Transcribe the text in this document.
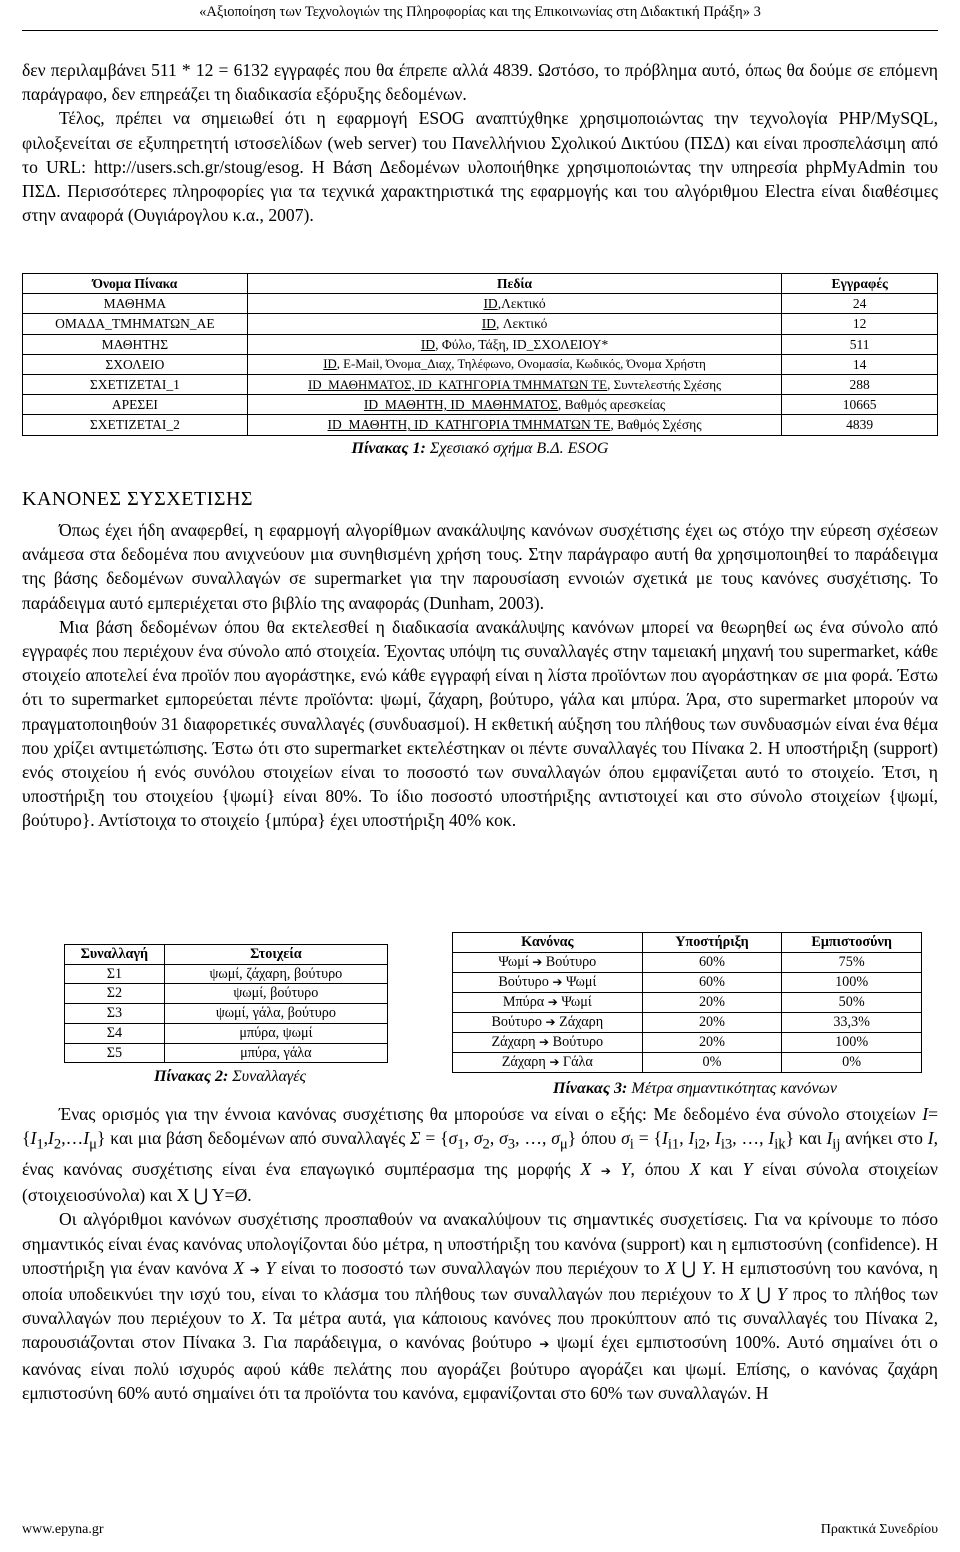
«Αξιοποίηση των Τεχνολογιών της Πληροφορίας και της Επικοινωνίας στη Διδακτική Πράξη» 3

δεν περιλαμβάνει 511 * 12 = 6132 εγγραφές που θα έπρεπε αλλά 4839. Ωστόσο, το πρόβλημα αυτό, όπως θα δούμε σε επόμενη παράγραφο, δεν επηρεάζει τη διαδικασία εξόρυξης δεδομένων.

Τέλος, πρέπει να σημειωθεί ότι η εφαρμογή ESOG αναπτύχθηκε χρησιμοποιώντας την τεχνολογία PHP/MySQL, φιλοξενείται σε εξυπηρετητή ιστοσελίδων (web server) του Πανελλήνιου Σχολικού Δικτύου (ΠΣΔ) και είναι προσπελάσιμη από το URL: http://users.sch.gr/stoug/esog. Η Βάση Δεδομένων υλοποιήθηκε χρησιμοποιώντας την υπηρεσία phpMyAdmin του ΠΣΔ. Περισσότερες πληροφορίες για τα τεχνικά χαρακτηριστικά της εφαρμογής και του αλγόριθμου Electra είναι διαθέσιμες στην αναφορά (Ουγιάρογλου κ.α., 2007).

Όνομα Πίνακα	Πεδία	Εγγραφές
ΜΑΘΗΜΑ	ID,Λεκτικό	24
ΟΜΑΔΑ_ΤΜΗΜΑΤΩΝ_ΑΕ	ID, Λεκτικό	12
ΜΑΘΗΤΗΣ	ID, Φύλο, Τάξη, ID_ΣΧΟΛΕΙΟΥ*	511
ΣΧΟΛΕΙΟ	ID, E-Mail, Όνομα_Διαχ, Τηλέφωνο, Ονομασία, Κωδικός, Όνομα Χρήστη	14
ΣΧΕΤΙΖΕΤΑΙ_1	ID_ΜΑΘΗΜΑΤΟΣ, ID_ΚΑΤΗΓΟΡΙΑ ΤΜΗΜΑΤΩΝ ΤΕ, Συντελεστής Σχέσης	288
ΑΡΕΣΕΙ	ID_ΜΑΘΗΤΗ, ID_ΜΑΘΗΜΑΤΟΣ, Βαθμός αρεσκείας	10665
ΣΧΕΤΙΖΕΤΑΙ_2	ID_ΜΑΘΗΤΗ, ID_ΚΑΤΗΓΟΡΙΑ ΤΜΗΜΑΤΩΝ ΤΕ, Βαθμός Σχέσης	4839
Πίνακας 1: Σχεσιακό σχήμα Β.Δ. ESOG
ΚΑΝΟΝΕΣ ΣΥΣΧΕΤΙΣΗΣ

Όπως έχει ήδη αναφερθεί, η εφαρμογή αλγορίθμων ανακάλυψης κανόνων συσχέτισης έχει ως στόχο την εύρεση σχέσεων ανάμεσα στα δεδομένα που ανιχνεύουν μια συνηθισμένη χρήση τους. Στην παράγραφο αυτή θα χρησιμοποιηθεί το παράδειγμα της βάσης δεδομένων συναλλαγών σε supermarket για την παρουσίαση εννοιών σχετικά με τους κανόνες συσχέτισης. Το παράδειγμα αυτό εμπεριέχεται στο βιβλίο της αναφοράς (Dunham, 2003).

Μια βάση δεδομένων όπου θα εκτελεσθεί η διαδικασία ανακάλυψης κανόνων μπορεί να θεωρηθεί ως ένα σύνολο από εγγραφές που περιέχουν ένα σύνολο από στοιχεία. Έχοντας υπόψη τις συναλλαγές στην ταμειακή μηχανή του supermarket, κάθε στοιχείο αποτελεί ένα προϊόν που αγοράστηκε, ενώ κάθε εγγραφή είναι η λίστα προϊόντων που αγοράστηκαν σε μια φορά. Έστω ότι το supermarket εμπορεύεται πέντε προϊόντα: ψωμί, ζάχαρη, βούτυρο, γάλα και μπύρα. Άρα, στο supermarket μπορούν να πραγματοποιηθούν 31 διαφορετικές συναλλαγές (συνδυασμοί). Η εκθετική αύξηση του πλήθους των συνδυασμών είναι ένα θέμα που χρίζει αντιμετώπισης. Έστω ότι στο supermarket εκτελέστηκαν οι πέντε συναλλαγές του Πίνακα 2. Η υποστήριξη (support) ενός στοιχείου ή ενός συνόλου στοιχείων είναι το ποσοστό των συναλλαγών όπου εμφανίζεται αυτό το στοιχείο. Έτσι, η υποστήριξη του στοιχείου {ψωμί} είναι 80%. Το ίδιο ποσοστό υποστήριξης αντιστοιχεί και στο σύνολο στοιχείων {ψωμί, βούτυρο}. Αντίστοιχα το στοιχείο {μπύρα} έχει υποστήριξη 40% κοκ.

Συναλλαγή	Στοιχεία
Σ1	ψωμί, ζάχαρη, βούτυρο
Σ2	ψωμί, βούτυρο
Σ3	ψωμί, γάλα, βούτυρο
Σ4	μπύρα, ψωμί
Σ5	μπύρα, γάλα
Πίνακας 2: Συναλλαγές
Κανόνας	Υποστήριξη	Εμπιστοσύνη
Ψωμί ➔ Βούτυρο	60%	75%
Βούτυρο ➔ Ψωμί	60%	100%
Μπύρα ➔ Ψωμί	20%	50%
Βούτυρο ➔ Ζάχαρη	20%	33,3%
Ζάχαρη ➔ Βούτυρο	20%	100%
Ζάχαρη ➔ Γάλα	0%	0%
Πίνακας 3: Μέτρα σημαντικότητας κανόνων

Ένας ορισμός για την έννοια κανόνας συσχέτισης θα μπορούσε να είναι ο εξής: Με δεδομένο ένα σύνολο στοιχείων $I=\{I_1,I_2,\dots I_\mu\}$ και μια βάση δεδομένων από συναλλαγές $\Sigma = \{\sigma_1$, $\sigma_2$, $\sigma_3$, …, $\sigma_\mu$} όπου $\sigma_i = \{I_{i1}$, $I_{i2}$, $I_{i3}$, …, $I_{ik}$} και $I_{ij}$ ανήκει στο I, ένας κανόνας συσχέτισης είναι ένα επαγωγικό συμπέρασμα της μορφής X ➔ Y, όπου X και Y είναι σύνολα στοιχείων (στοιχειοσύνολα) και X ⋃ Y=Ø.

Οι αλγόριθμοι κανόνων συσχέτισης προσπαθούν να ανακαλύψουν τις σημαντικές συσχετίσεις. Για να κρίνουμε το πόσο σημαντικός είναι ένας κανόνας υπολογίζονται δύο μέτρα, η υποστήριξη του κανόνα (support) και η εμπιστοσύνη (confidence). Η υποστήριξη για έναν κανόνα X ➔ Y είναι το ποσοστό των συναλλαγών που περιέχουν το X ⋃ Y. Η εμπιστοσύνη του κανόνα, η οποία υποδεικνύει την ισχύ του, είναι το κλάσμα του πλήθους των συναλλαγών που περιέχουν το X ⋃ Y προς το πλήθος των συναλλαγών που περιέχουν το X. Τα μέτρα αυτά, για κάποιους κανόνες που προκύπτουν από τις συναλλαγές του Πίνακα 2, παρουσιάζονται στον Πίνακα 3. Για παράδειγμα, ο κανόνας βούτυρο ➔ ψωμί έχει εμπιστοσύνη 100%. Αυτό σημαίνει ότι ο κανόνας είναι πολύ ισχυρός αφού κάθε πελάτης που αγοράζει βούτυρο αγοράζει και ψωμί. Επίσης, ο κανόνας ζαχάρη εμπιστοσύνη 60% αυτό σημαίνει ότι τα προϊόντα του κανόνα, εμφανίζονται στο 60% των συναλλαγών. Η

www.epyna.gr	Πρακτικά Συνεδρίου
